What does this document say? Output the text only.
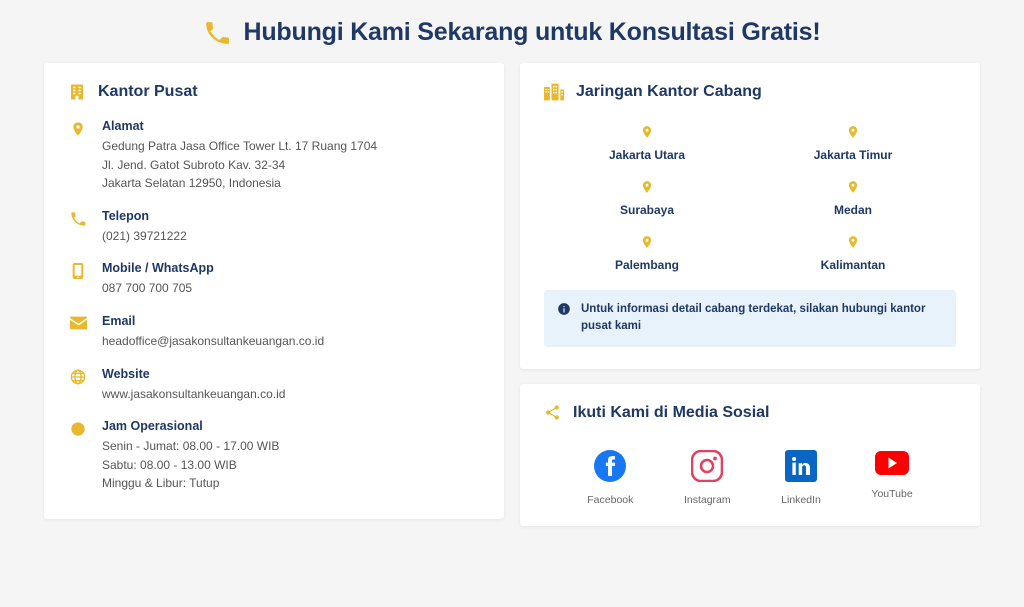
Hubungi Kami Sekarang untuk Konsultasi Gratis!
Kantor Pusat
Alamat
Gedung Patra Jasa Office Tower Lt. 17 Ruang 1704
Jl. Jend. Gatot Subroto Kav. 32-34
Jakarta Selatan 12950, Indonesia
Telepon
(021) 39721222
Mobile / WhatsApp
087 700 700 705
Email
headoffice@jasakonsultankeuangan.co.id
Website
www.jasakonsultankeuangan.co.id
Jam Operasional
Senin - Jumat: 08.00 - 17.00 WIB
Sabtu: 08.00 - 13.00 WIB
Minggu & Libur: Tutup
Jaringan Kantor Cabang
Jakarta Utara	Jakarta Timur
Surabaya	Medan
Palembang	Kalimantan
Untuk informasi detail cabang terdekat, silakan hubungi kantor pusat kami
Ikuti Kami di Media Sosial
Facebook	Instagram	LinkedIn	YouTube
